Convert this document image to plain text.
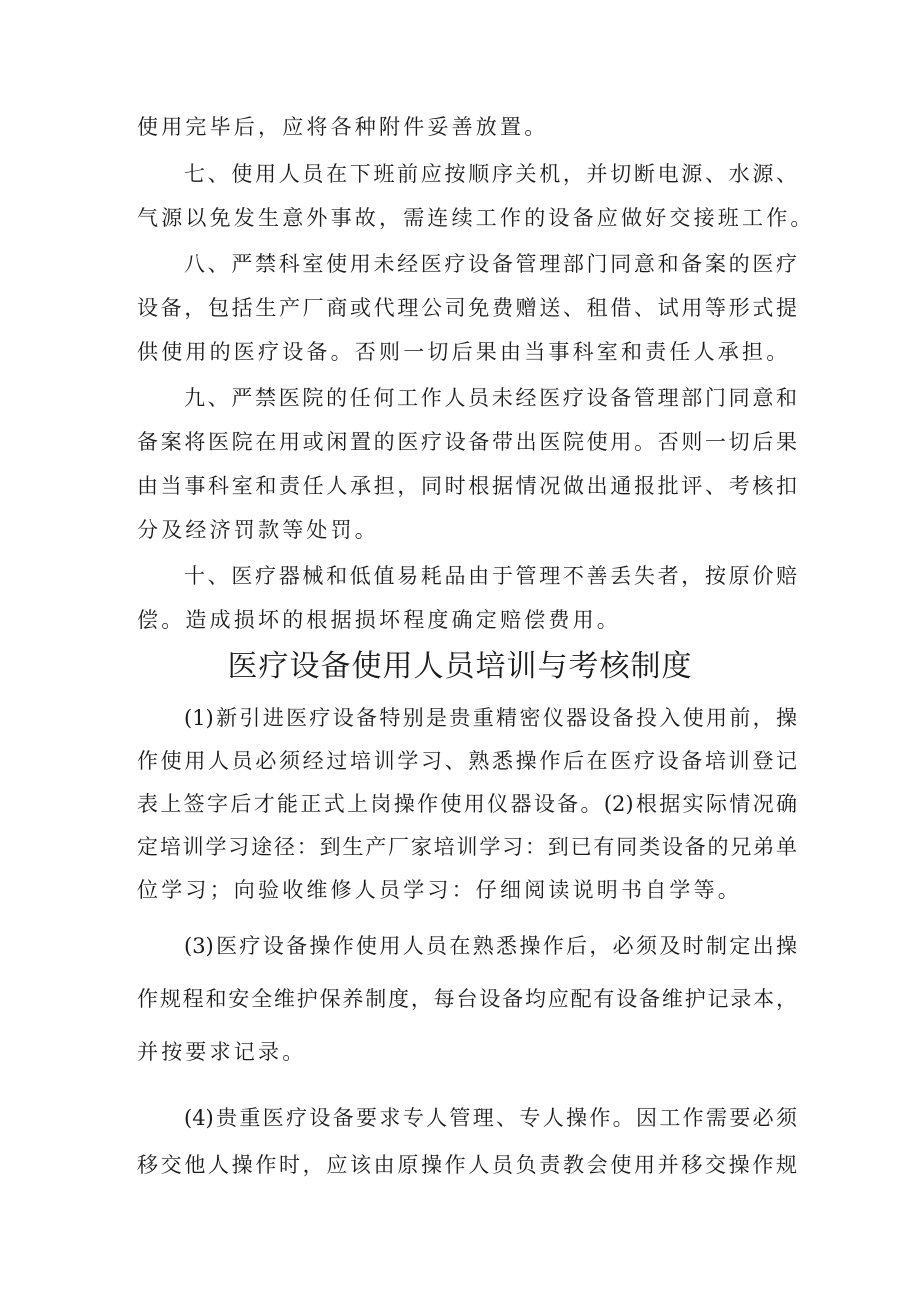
使用完毕后，应将各种附件妥善放置。
七、使用人员在下班前应按顺序关机，并切断电源、水源、
气源以免发生意外事故，需连续工作的设备应做好交接班工作。
八、严禁科室使用未经医疗设备管理部门同意和备案的医疗
设备，包括生产厂商或代理公司免费赠送、租借、试用等形式提
供使用的医疗设备。否则一切后果由当事科室和责任人承担。
九、严禁医院的任何工作人员未经医疗设备管理部门同意和
备案将医院在用或闲置的医疗设备带出医院使用。否则一切后果
由当事科室和责任人承担，同时根据情况做出通报批评、考核扣
分及经济罚款等处罚。
十、医疗器械和低值易耗品由于管理不善丢失者，按原价赔
偿。造成损坏的根据损坏程度确定赔偿费用。
医疗设备使用人员培训与考核制度
(1)新引进医疗设备特别是贵重精密仪器设备投入使用前，操
作使用人员必须经过培训学习、熟悉操作后在医疗设备培训登记
表上签字后才能正式上岗操作使用仪器设备。(2)根据实际情况确
定培训学习途径：到生产厂家培训学习：到已有同类设备的兄弟单
位学习；向验收维修人员学习：仔细阅读说明书自学等。
(3)医疗设备操作使用人员在熟悉操作后，必须及时制定出操
作规程和安全维护保养制度，每台设备均应配有设备维护记录本，
并按要求记录。
(4)贵重医疗设备要求专人管理、专人操作。因工作需要必须
移交他人操作时，应该由原操作人员负责教会使用并移交操作规
